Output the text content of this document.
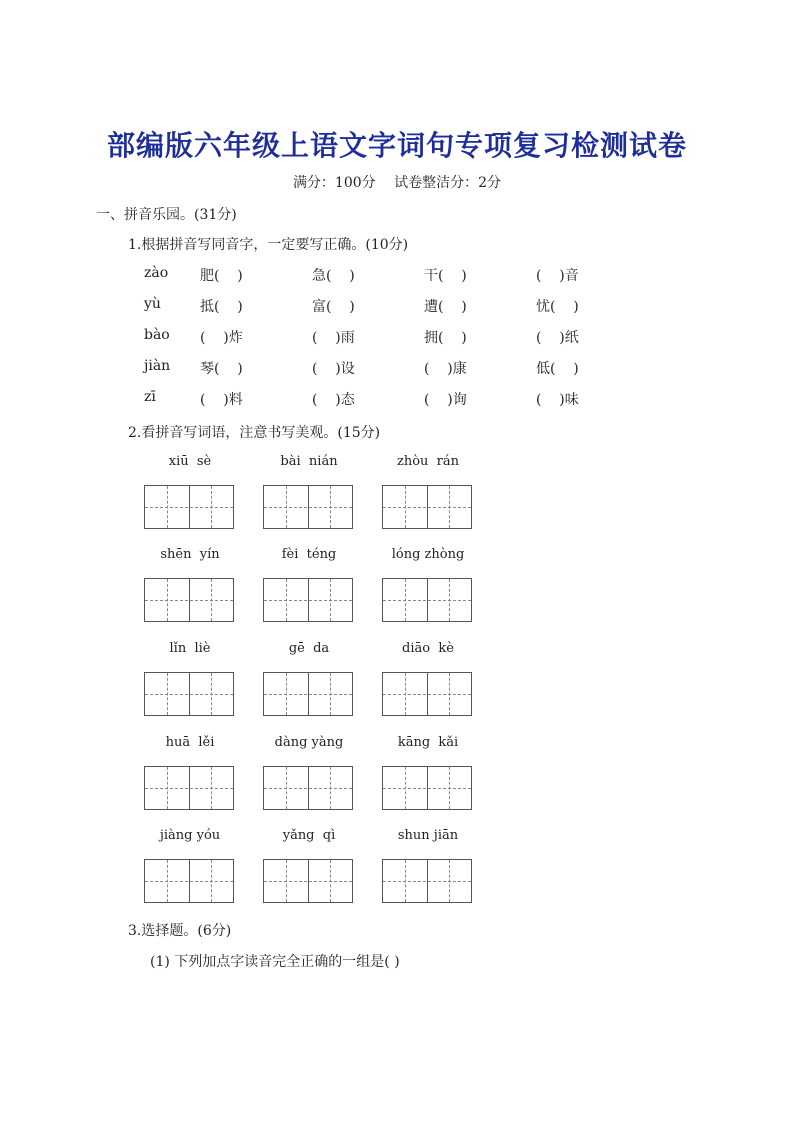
部编版六年级上语文字词句专项复习检测试卷
满分：100分 试卷整洁分：2分
一、拼音乐园。(31分)
1.根据拼音写同音字，一定要写正确。(10分)
zào	肥(    )	急(    )	干(    )	(    )音
yù	抵(    )	富(    )	遭(    )	忧(    )
bào	(    )炸	(    )雨	拥(    )	(    )纸
jiàn	琴(    )	(    )设	(    )康	低(    )
zī	(    )料	(    )态	(    )询	(    )味
2.看拼音写词语，注意书写美观。(15分)
xiū  sè	bài  nián	zhòu  rán
shēn  yín	fèi  téng	lóng zhòng
lǐn  liè	gē  da	diāo  kè
huā  lěi	dàng yàng	kāng  kǎi
jiàng yóu	yǎng  qì	shun jiān
3.选择题。(6分)
(1) 下列加点字读音完全正确的一组是( )
